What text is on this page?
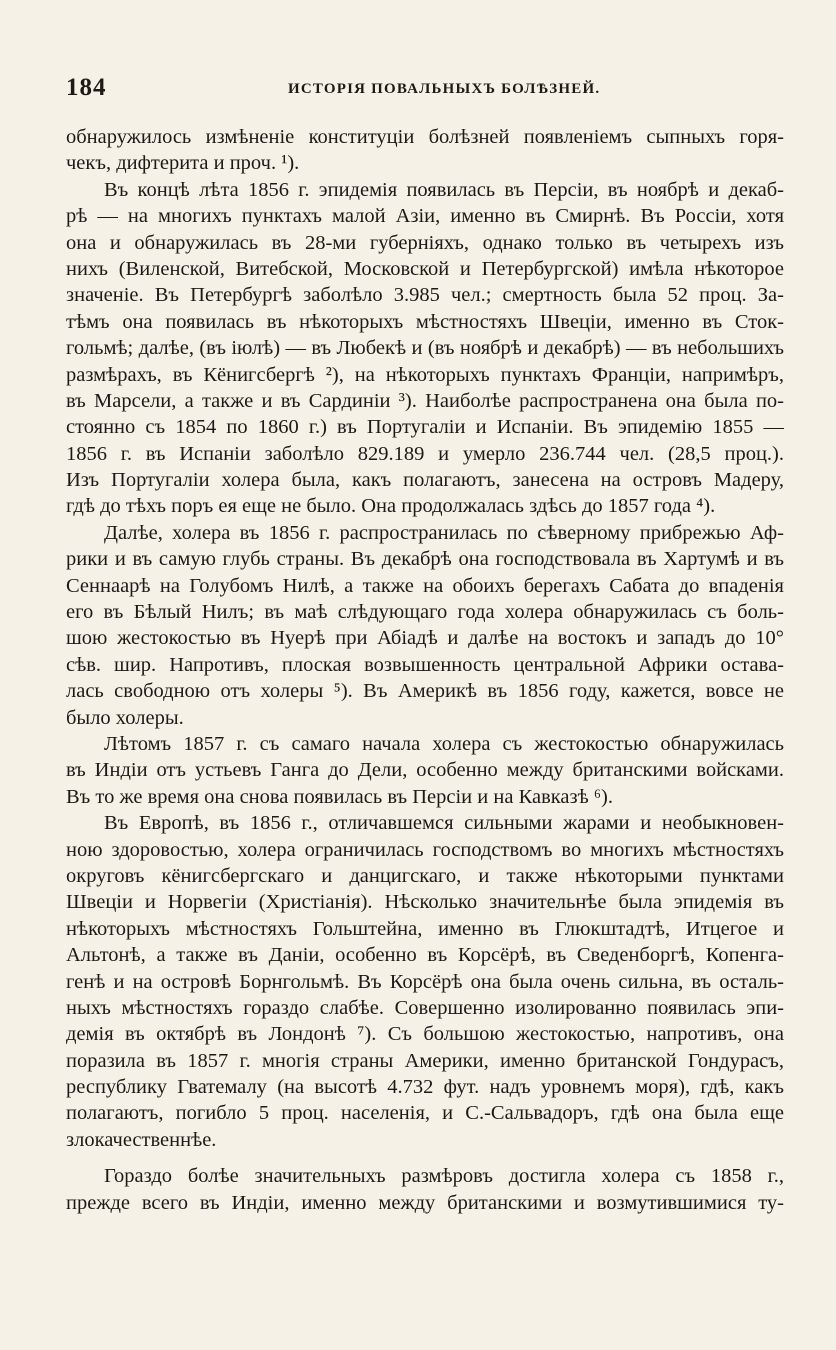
184	ИСТОРІЯ ПОВАЛЬНЫХЪ БОЛѢЗНЕЙ.
обнаружилось измѣненіе конституціи болѣзней появленіемъ сыпныхъ горя-
чекъ, дифтерита и проч. ¹).
Въ концѣ лѣта 1856 г. эпидемія появилась въ Персіи, въ ноябрѣ и декаб-
рѣ — на многихъ пунктахъ малой Азіи, именно въ Смирнѣ. Въ Россіи, хотя
она и обнаружилась въ 28-ми губерніяхъ, однако только въ четырехъ изъ
нихъ (Виленской, Витебской, Московской и Петербургской) имѣла нѣкоторое
значеніе. Въ Петербургѣ заболѣло 3.985 чел.; смертность была 52 проц. За-
тѣмъ она появилась въ нѣкоторыхъ мѣстностяхъ Швеціи, именно въ Сток-
гольмѣ; далѣе, (въ іюлѣ) — въ Любекѣ и (въ ноябрѣ и декабрѣ) — въ небольшихъ
размѣрахъ, въ Кёнигсбергѣ ²), на нѣкоторыхъ пунктахъ Франціи, напримѣръ,
въ Марсели, а также и въ Сардиніи ³). Наиболѣе распространена она была по-
стоянно съ 1854 по 1860 г.) въ Португаліи и Испаніи. Въ эпидемію 1855 —
1856 г. въ Испаніи заболѣло 829.189 и умерло 236.744 чел. (28,5 проц.).
Изъ Португаліи холера была, какъ полагаютъ, занесена на островъ Мадеру,
гдѣ до тѣхъ поръ ея еще не было. Она продолжалась здѣсь до 1857 года ⁴).
Далѣе, холера въ 1856 г. распространилась по сѣверному прибрежью Аф-
рики и въ самую глубь страны. Въ декабрѣ она господствовала въ Хартумѣ и въ
Сеннаарѣ на Голубомъ Нилѣ, а также на обоихъ берегахъ Сабата до впаденія
его въ Бѣлый Нилъ; въ маѣ слѣдующаго года холера обнаружилась съ боль-
шою жестокостью въ Нуерѣ при Абіадѣ и далѣе на востокъ и западъ до 10°
сѣв. шир. Напротивъ, плоская возвышенность центральной Африки остава-
лась свободною отъ холеры ⁵). Въ Америкѣ въ 1856 году, кажется, вовсе не
было холеры.
Лѣтомъ 1857 г. съ самаго начала холера съ жестокостью обнаружилась
въ Индіи отъ устьевъ Ганга до Дели, особенно между британскими войсками.
Въ то же время она снова появилась въ Персіи и на Кавказѣ ⁶).
Въ Европѣ, въ 1856 г., отличавшемся сильными жарами и необыкновен-
ною здоровостью, холера ограничилась господствомъ во многихъ мѣстностяхъ
округовъ кёнигсбергскаго и данцигскаго, и также нѣкоторыми пунктами
Швеціи и Норвегіи (Христіанія). Нѣсколько значительнѣе была эпидемія въ
нѣкоторыхъ мѣстностяхъ Гольштейна, именно въ Глюкштадтѣ, Итцегое и
Альтонѣ, а также въ Даніи, особенно въ Корсёрѣ, въ Сведенборгѣ, Копенга-
генѣ и на островѣ Борнгольмѣ. Въ Корсёрѣ она была очень сильна, въ осталь-
ныхъ мѣстностяхъ гораздо слабѣе. Совершенно изолированно появилась эпи-
демія въ октябрѣ въ Лондонѣ ⁷). Съ большою жестокостью, напротивъ, она
поразила въ 1857 г. многія страны Америки, именно британской Гондурасъ,
республику Гватемалу (на высотѣ 4.732 фут. надъ уровнемъ моря), гдѣ, какъ
полагаютъ, погибло 5 проц. населенія, и С.-Сальвадоръ, гдѣ она была еще
злокачественнѣе.
Гораздо болѣе значительныхъ размѣровъ достигла холера съ 1858 г.,
прежде всего въ Индіи, именно между британскими и возмутившимися ту-
